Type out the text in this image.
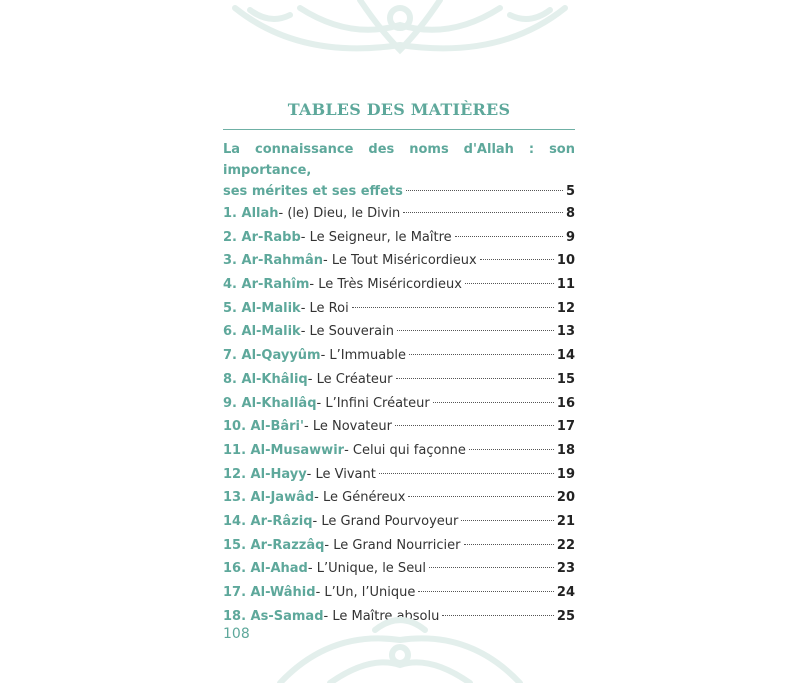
TABLES DES MATIÈRES
La connaissance des noms d'Allah : son importance,
ses mérites et ses effets	5
1. Allah - (le) Dieu, le Divin	8
2. Ar-Rabb - Le Seigneur, le Maître	9
3. Ar-Rahmân - Le Tout Miséricordieux	10
4. Ar-Rahîm - Le Très Miséricordieux	11
5. Al-Malik - Le Roi	12
6. Al-Malik - Le Souverain	13
7. Al-Qayyûm - L’Immuable	14
8. Al-Khâliq - Le Créateur	15
9. Al-Khallâq - L’Infini Créateur	16
10. Al-Bâri' - Le Novateur	17
11. Al-Musawwir - Celui qui façonne	18
12. Al-Hayy - Le Vivant	19
13. Al-Jawâd - Le Généreux	20
14. Ar-Râziq - Le Grand Pourvoyeur	21
15. Ar-Razzâq - Le Grand Nourricier	22
16. Al-Ahad - L’Unique, le Seul	23
17. Al-Wâhid - L’Un, l’Unique	24
18. As-Samad - Le Maître absolu	25
108
